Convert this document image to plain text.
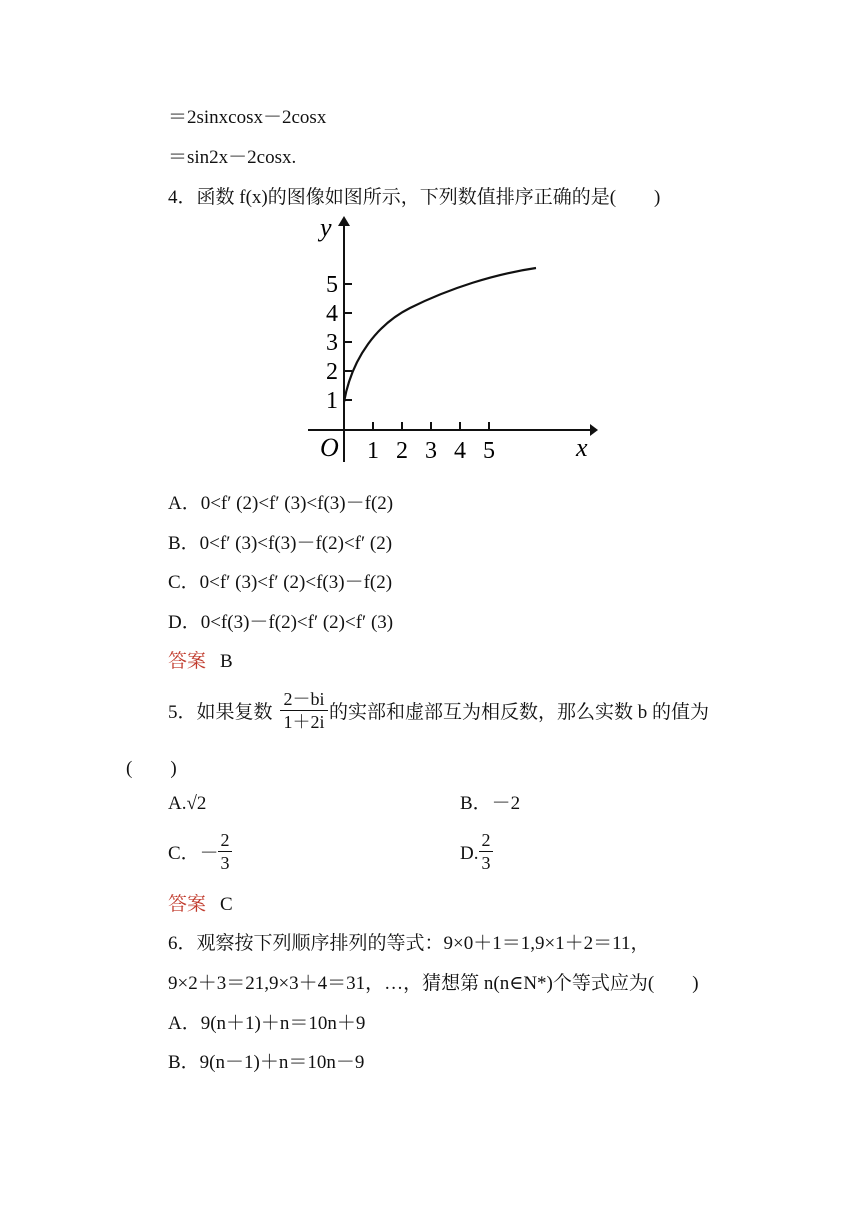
＝2sinxcosx－2cosx
＝sin2x－2cosx.
4．函数 f(x)的图像如图所示，下列数值排序正确的是(　　)
1 2 3 4 5
1
2
3
4
5
y
x
O
A．0<f′ (2)<f′ (3)<f(3)－f(2)
B．0<f′ (3)<f(3)－f(2)<f′ (2)
C．0<f′ (3)<f′ (2)<f(3)－f(2)
D．0<f(3)－f(2)<f′ (2)<f′ (3)
答案 B
5．如果复数 $\frac{2-bi}{1+2i}$ 的实部和虚部互为相反数，那么实数 b 的值为
(　　)
A.√2	B．－2
C．－ $\frac{2}{3}$	D. $\frac{2}{3}$
答案 C
6．观察按下列顺序排列的等式：9×0＋1＝1,9×1＋2＝11，
9×2＋3＝21,9×3＋4＝31，…，猜想第 n(n∈N*)个等式应为(　　)
A．9(n＋1)＋n＝10n＋9
B．9(n－1)＋n＝10n－9
